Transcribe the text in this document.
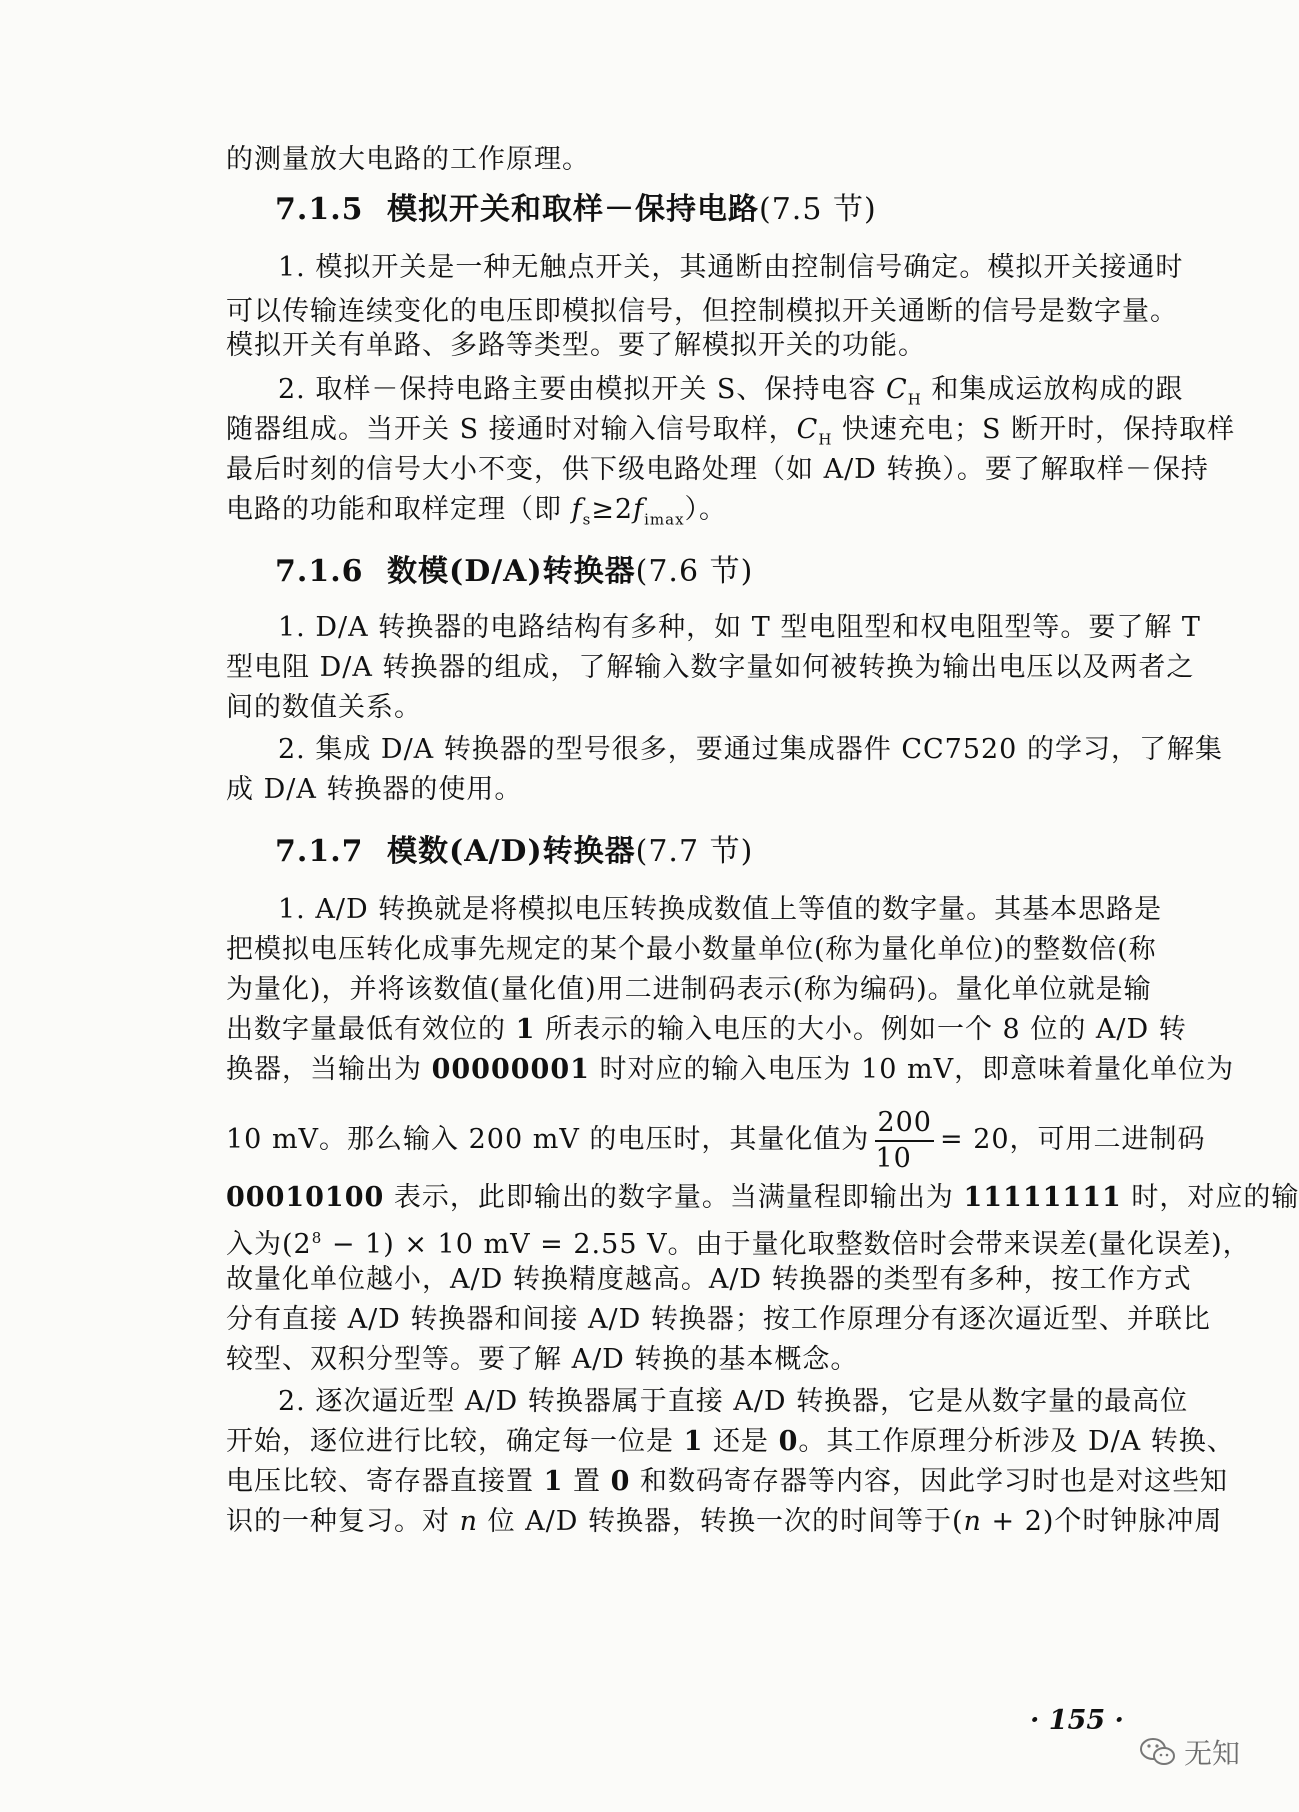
的测量放大电路的工作原理。
7.1.5 模拟开关和取样－保持电路(7.5 节)
1. 模拟开关是一种无触点开关，其通断由控制信号确定。模拟开关接通时
可以传输连续变化的电压即模拟信号，但控制模拟开关通断的信号是数字量。
模拟开关有单路、多路等类型。要了解模拟开关的功能。
2. 取样－保持电路主要由模拟开关 S、保持电容 $C_H$ 和集成运放构成的跟
随器组成。当开关 S 接通时对输入信号取样，$C_H$ 快速充电；S 断开时，保持取样
最后时刻的信号大小不变，供下级电路处理（如 A/D 转换）。要了解取样－保持
电路的功能和取样定理（即 $f_s\ge 2f_{imax}$）。
7.1.6 数模(D/A)转换器(7.6 节)
1. D/A 转换器的电路结构有多种，如 T 型电阻型和权电阻型等。要了解 T
型电阻 D/A 转换器的组成，了解输入数字量如何被转换为输出电压以及两者之
间的数值关系。
2. 集成 D/A 转换器的型号很多，要通过集成器件 CC7520 的学习，了解集
成 D/A 转换器的使用。
7.1.7 模数(A/D)转换器(7.7 节)
1. A/D 转换就是将模拟电压转换成数值上等值的数字量。其基本思路是
把模拟电压转化成事先规定的某个最小数量单位(称为量化单位)的整数倍(称
为量化)，并将该数值(量化值)用二进制码表示(称为编码)。量化单位就是输
出数字量最低有效位的 1 所表示的输入电压的大小。例如一个 8 位的 A/D 转
换器，当输出为 00000001 时对应的输入电压为 10 mV，即意味着量化单位为
10 mV。那么输入 200 mV 的电压时，其量化值为 $\frac{200}{10} = 20$，可用二进制码
00010100 表示，此即输出的数字量。当满量程即输出为 11111111 时，对应的输
入为$(2^8 - 1) \times 10$ mV = 2.55 V。由于量化取整数倍时会带来误差(量化误差)，
故量化单位越小，A/D 转换精度越高。A/D 转换器的类型有多种，按工作方式
分有直接 A/D 转换器和间接 A/D 转换器；按工作原理分有逐次逼近型、并联比
较型、双积分型等。要了解 A/D 转换的基本概念。
2. 逐次逼近型 A/D 转换器属于直接 A/D 转换器，它是从数字量的最高位
开始，逐位进行比较，确定每一位是 1 还是 0。其工作原理分析涉及 D/A 转换、
电压比较、寄存器直接置 1 置 0 和数码寄存器等内容，因此学习时也是对这些知
识的一种复习。对 n 位 A/D 转换器，转换一次的时间等于(n + 2)个时钟脉冲周
· 155 ·
无知
